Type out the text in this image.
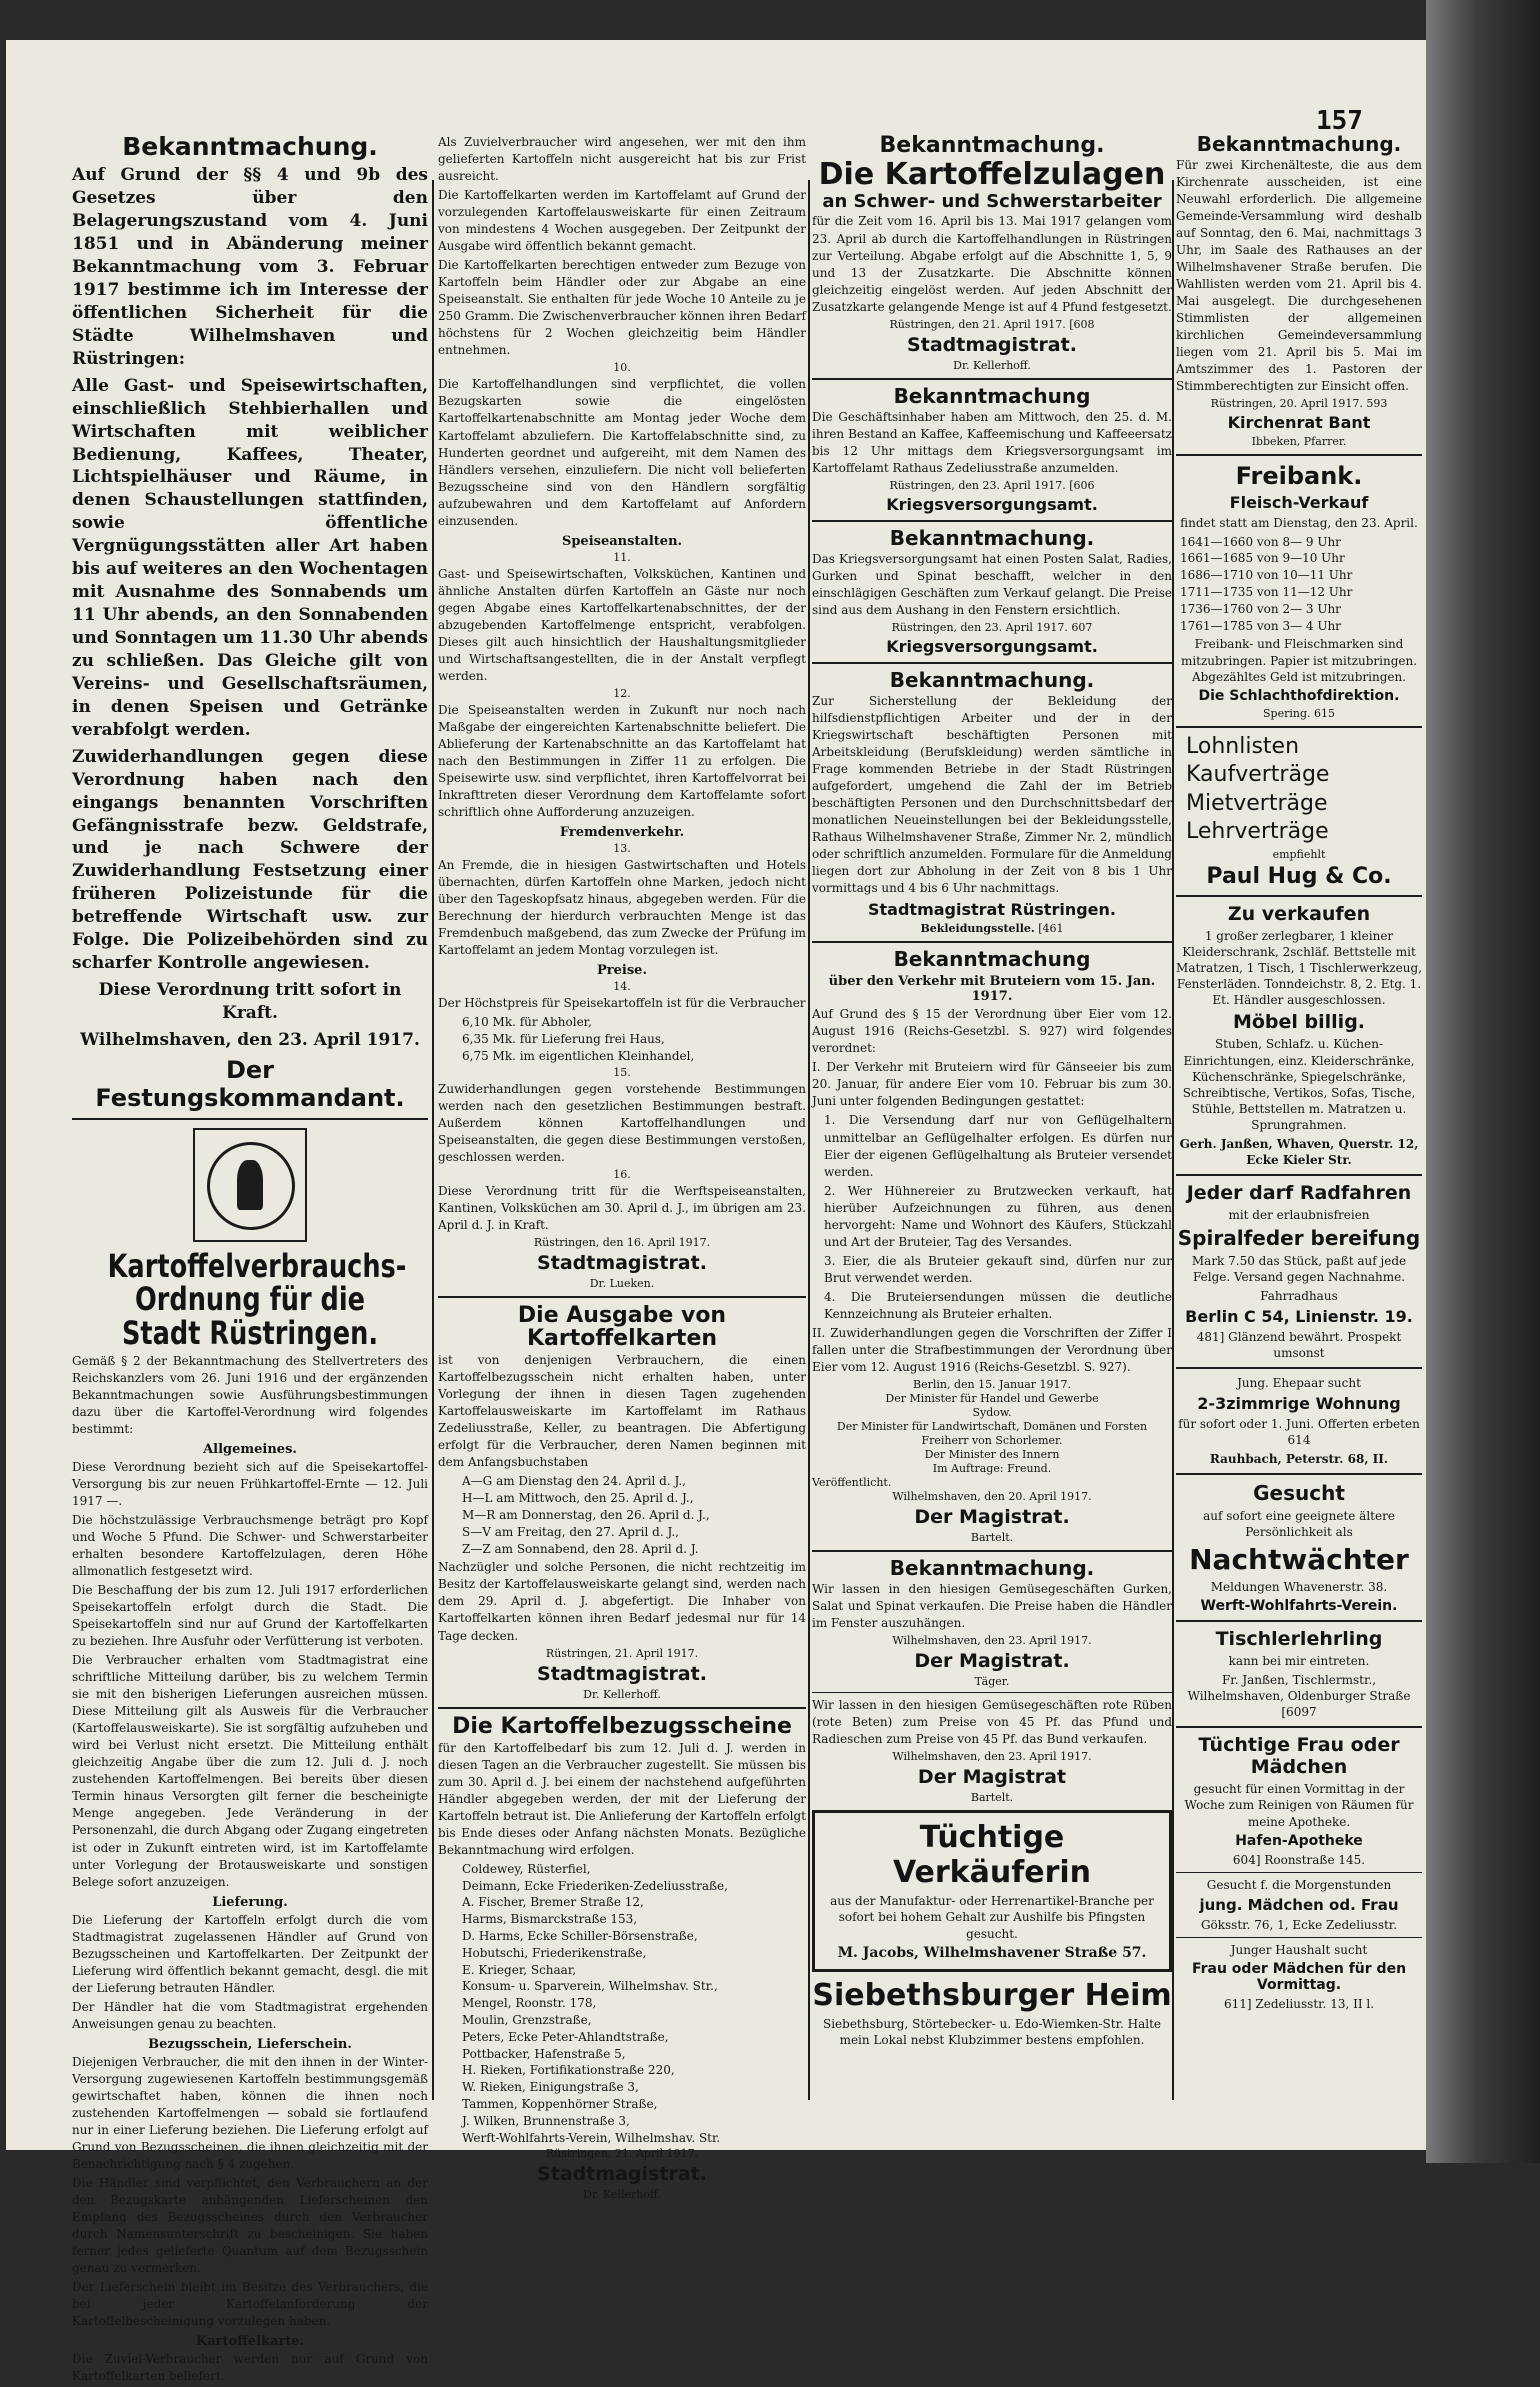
157
Bekanntmachung.

Auf Grund der §§ 4 und 9b des Gesetzes über den Belagerungszustand vom 4. Juni 1851 und in Abänderung meiner Bekanntmachung vom 3. Februar 1917 bestimme ich im Interesse der öffentlichen Sicherheit für die Städte Wilhelmshaven und Rüstringen:

Alle Gast- und Speisewirtschaften, einschließlich Stehbierhallen und Wirtschaften mit weiblicher Bedienung, Kaffees, Theater, Lichtspielhäuser und Räume, in denen Schaustellungen stattfinden, sowie öffentliche Vergnügungsstätten aller Art haben bis auf weiteres an den Wochentagen mit Ausnahme des Sonnabends um 11 Uhr abends, an den Sonnabenden und Sonntagen um 11.30 Uhr abends zu schließen. Das Gleiche gilt von Vereins- und Gesellschaftsräumen, in denen Speisen und Getränke verabfolgt werden.

Zuwiderhandlungen gegen diese Verordnung haben nach den eingangs benannten Vorschriften Gefängnisstrafe bezw. Geldstrafe, und je nach Schwere der Zuwiderhandlung Festsetzung einer früheren Polizeistunde für die betreffende Wirtschaft usw. zur Folge. Die Polizeibehörden sind zu scharfer Kontrolle angewiesen.

Diese Verordnung tritt sofort in Kraft.

Wilhelmshaven, den 23. April 1917.

Der Festungskommandant.
Kartoffelverbrauchs-Ordnung für die Stadt Rüstringen.

Gemäß § 2 der Bekanntmachung des Stellvertreters des Reichskanzlers vom 26. Juni 1916 und der ergänzenden Bekanntmachungen sowie Ausführungsbestimmungen dazu über die Kartoffel-Verordnung wird folgendes bestimmt:

Allgemeines.

Diese Verordnung bezieht sich auf die Speisekartoffel-Versorgung bis zur neuen Frühkartoffel-Ernte — 12. Juli 1917 —.

Die höchstzulässige Verbrauchsmenge beträgt pro Kopf und Woche 5 Pfund. Die Schwer- und Schwerstarbeiter erhalten besondere Kartoffelzulagen, deren Höhe allmonatlich festgesetzt wird.

Die Beschaffung der bis zum 12. Juli 1917 erforderlichen Speisekartoffeln erfolgt durch die Stadt. Die Speisekartoffeln sind nur auf Grund der Kartoffelkarten zu beziehen. Ihre Ausfuhr oder Verfütterung ist verboten.

Die Verbraucher erhalten vom Stadtmagistrat eine schriftliche Mitteilung darüber, bis zu welchem Termin sie mit den bisherigen Lieferungen ausreichen müssen. Diese Mitteilung gilt als Ausweis für die Verbraucher (Kartoffelausweiskarte). Sie ist sorgfältig aufzuheben und wird bei Verlust nicht ersetzt. Die Mitteilung enthält gleichzeitig Angabe über die zum 12. Juli d. J. noch zustehenden Kartoffelmengen. Bei bereits über diesen Termin hinaus Versorgten gilt ferner die bescheinigte Menge angegeben. Jede Veränderung in der Personenzahl, die durch Abgang oder Zugang eingetreten ist oder in Zukunft eintreten wird, ist im Kartoffelamte unter Vorlegung der Brotausweiskarte und sonstigen Belege sofort anzuzeigen.

Lieferung.

Die Lieferung der Kartoffeln erfolgt durch die vom Stadtmagistrat zugelassenen Händler auf Grund von Bezugsscheinen und Kartoffelkarten. Der Zeitpunkt der Lieferung wird öffentlich bekannt gemacht, desgl. die mit der Lieferung betrauten Händler.

Der Händler hat die vom Stadtmagistrat ergehenden Anweisungen genau zu beachten.

Bezugsschein, Lieferschein.

Diejenigen Verbraucher, die mit den ihnen in der Winter-Versorgung zugewiesenen Kartoffeln bestimmungsgemäß gewirtschaftet haben, können die ihnen noch zustehenden Kartoffelmengen — sobald sie fortlaufend nur in einer Lieferung beziehen. Die Lieferung erfolgt auf Grund von Bezugsscheinen, die ihnen gleichzeitig mit der Benachrichtigung nach § 4 zugehen.

Die Händler sind verpflichtet, den Verbrauchern an der den Bezugskarte anhängenden Lieferscheinen den Empfang des Bezugsscheines durch den Verbraucher durch Namensunterschrift zu bescheinigen. Sie haben ferner jedes gelieferte Quantum auf dem Bezugsschein genau zu vermerken.

Der Lieferschein bleibt im Besitze des Verbrauchers, die bei jeder Kartoffelanforderung der Kartoffelbescheinigung vorzulegen haben.

Kartoffelkarte.

Die Zuviel-Verbraucher werden nur auf Grund von Kartoffelkarten beliefert.

Als Zuvielverbraucher wird angesehen, wer mit den ihm gelieferten Kartoffeln nicht ausgereicht hat bis zur Frist ausreicht.

Die Kartoffelkarten werden im Kartoffelamt auf Grund der vorzulegenden Kartoffelausweiskarte für einen Zeitraum von mindestens 4 Wochen ausgegeben. Der Zeitpunkt der Ausgabe wird öffentlich bekannt gemacht.

Die Kartoffelkarten berechtigen entweder zum Bezuge von Kartoffeln beim Händler oder zur Abgabe an eine Speiseanstalt. Sie enthalten für jede Woche 10 Anteile zu je 250 Gramm. Die Zwischenverbraucher können ihren Bedarf höchstens für 2 Wochen gleichzeitig beim Händler entnehmen.

10.

Die Kartoffelhandlungen sind verpflichtet, die vollen Bezugskarten sowie die eingelösten Kartoffelkartenabschnitte am Montag jeder Woche dem Kartoffelamt abzuliefern. Die Kartoffelabschnitte sind, zu Hunderten geordnet und aufgereiht, mit dem Namen des Händlers versehen, einzuliefern. Die nicht voll belieferten Bezugsscheine sind von den Händlern sorgfältig aufzubewahren und dem Kartoffelamt auf Anfordern einzusenden.

Speiseanstalten.
11.

Gast- und Speisewirtschaften, Volksküchen, Kantinen und ähnliche Anstalten dürfen Kartoffeln an Gäste nur noch gegen Abgabe eines Kartoffelkartenabschnittes, der der abzugebenden Kartoffelmenge entspricht, verabfolgen. Dieses gilt auch hinsichtlich der Haushaltungsmitglieder und Wirtschaftsangestellten, die in der Anstalt verpflegt werden.

12.

Die Speiseanstalten werden in Zukunft nur noch nach Maßgabe der eingereichten Kartenabschnitte beliefert. Die Ablieferung der Kartenabschnitte an das Kartoffelamt hat nach den Bestimmungen in Ziffer 11 zu erfolgen. Die Speisewirte usw. sind verpflichtet, ihren Kartoffelvorrat bei Inkrafttreten dieser Verordnung dem Kartoffelamte sofort schriftlich ohne Aufforderung anzuzeigen.

Fremdenverkehr.
13.

An Fremde, die in hiesigen Gastwirtschaften und Hotels übernachten, dürfen Kartoffeln ohne Marken, jedoch nicht über den Tageskopfsatz hinaus, abgegeben werden. Für die Berechnung der hierdurch verbrauchten Menge ist das Fremdenbuch maßgebend, das zum Zwecke der Prüfung im Kartoffelamt an jedem Montag vorzulegen ist.

Preise.
14.

Der Höchstpreis für Speisekartoffeln ist für die Verbraucher

6,10 Mk. für Abholer,
6,35 Mk. für Lieferung frei Haus,
6,75 Mk. im eigentlichen Kleinhandel,
15.

Zuwiderhandlungen gegen vorstehende Bestimmungen werden nach den gesetzlichen Bestimmungen bestraft. Außerdem können Kartoffelhandlungen und Speiseanstalten, die gegen diese Bestimmungen verstoßen, geschlossen werden.

16.

Diese Verordnung tritt für die Werftspeiseanstalten, Kantinen, Volksküchen am 30. April d. J., im übrigen am 23. April d. J. in Kraft.

Rüstringen, den 16. April 1917.
Stadtmagistrat.
Dr. Lueken.
Die Ausgabe von Kartoffelkarten

ist von denjenigen Verbrauchern, die einen Kartoffelbezugsschein nicht erhalten haben, unter Vorlegung der ihnen in diesen Tagen zugehenden Kartoffelausweiskarte im Kartoffelamt im Rathaus Zedeliusstraße, Keller, zu beantragen. Die Abfertigung erfolgt für die Verbraucher, deren Namen beginnen mit dem Anfangsbuchstaben

A—G am Dienstag den 24. April d. J.,
H—L am Mittwoch, den 25. April d. J.,
M—R am Donnerstag, den 26. April d. J.,
S—V am Freitag, den 27. April d. J.,
Z—Z am Sonnabend, den 28. April d. J.

Nachzügler und solche Personen, die nicht rechtzeitig im Besitz der Kartoffelausweiskarte gelangt sind, werden nach dem 29. April d. J. abgefertigt. Die Inhaber von Kartoffelkarten können ihren Bedarf jedesmal nur für 14 Tage decken.

Rüstringen, 21. April 1917.
Stadtmagistrat.
Dr. Kellerhoff.
Die Kartoffelbezugsscheine

für den Kartoffelbedarf bis zum 12. Juli d. J. werden in diesen Tagen an die Verbraucher zugestellt. Sie müssen bis zum 30. April d. J. bei einem der nachstehend aufgeführten Händler abgegeben werden, der mit der Lieferung der Kartoffeln betraut ist. Die Anlieferung der Kartoffeln erfolgt bis Ende dieses oder Anfang nächsten Monats. Bezügliche Bekanntmachung wird erfolgen.

Coldewey, Rüsterfiel,
Deimann, Ecke Friederiken-Zedeliusstraße,
A. Fischer, Bremer Straße 12,
Harms, Bismarckstraße 153,
D. Harms, Ecke Schiller-Börsenstraße,
Hobutschi, Friederikenstraße,
E. Krieger, Schaar,
Konsum- u. Sparverein, Wilhelmshav. Str.,
Mengel, Roonstr. 178,
Moulin, Grenzstraße,
Peters, Ecke Peter-Ahlandtstraße,
Pottbacker, Hafenstraße 5,
H. Rieken, Fortifikationstraße 220,
W. Rieken, Einigungstraße 3,
Tammen, Koppenhörner Straße,
J. Wilken, Brunnenstraße 3,
Werft-Wohlfahrts-Verein, Wilhelmshav. Str.
Rüstringen, 21. April 1917.
Stadtmagistrat.
Dr. Kellerhoff.
Bekanntmachung.
Die Kartoffelzulagen
an Schwer- und Schwerstarbeiter

für die Zeit vom 16. April bis 13. Mai 1917 gelangen vom 23. April ab durch die Kartoffelhandlungen in Rüstringen zur Verteilung. Abgabe erfolgt auf die Abschnitte 1, 5, 9 und 13 der Zusatzkarte. Die Abschnitte können gleichzeitig eingelöst werden. Auf jeden Abschnitt der Zusatzkarte gelangende Menge ist auf 4 Pfund festgesetzt.

Rüstringen, den 21. April 1917. [608
Stadtmagistrat.
Dr. Kellerhoff.
Bekanntmachung

Die Geschäftsinhaber haben am Mittwoch, den 25. d. M. ihren Bestand an Kaffee, Kaffeemischung und Kaffeeersatz bis 12 Uhr mittags dem Kriegsversorgungsamt im Kartoffelamt Rathaus Zedeliusstraße anzumelden.

Rüstringen, den 23. April 1917. [606
Kriegsversorgungsamt.
Bekanntmachung.

Das Kriegsversorgungsamt hat einen Posten Salat, Radies, Gurken und Spinat beschafft, welcher in den einschlägigen Geschäften zum Verkauf gelangt. Die Preise sind aus dem Aushang in den Fenstern ersichtlich.

Rüstringen, den 23. April 1917. 607
Kriegsversorgungsamt.
Bekanntmachung.

Zur Sicherstellung der Bekleidung der hilfsdienstpflichtigen Arbeiter und der in der Kriegswirtschaft beschäftigten Personen mit Arbeitskleidung (Berufskleidung) werden sämtliche in Frage kommenden Betriebe in der Stadt Rüstringen aufgefordert, umgehend die Zahl der im Betrieb beschäftigten Personen und den Durchschnittsbedarf der monatlichen Neueinstellungen bei der Bekleidungsstelle, Rathaus Wilhelmshavener Straße, Zimmer Nr. 2, mündlich oder schriftlich anzumelden. Formulare für die Anmeldung liegen dort zur Abholung in der Zeit von 8 bis 1 Uhr vormittags und 4 bis 6 Uhr nachmittags.

Stadtmagistrat Rüstringen.
Bekleidungsstelle. [461
Bekanntmachung
über den Verkehr mit Bruteiern vom 15. Jan. 1917.

Auf Grund des § 15 der Verordnung über Eier vom 12. August 1916 (Reichs-Gesetzbl. S. 927) wird folgendes verordnet:

I. Der Verkehr mit Bruteiern wird für Gänseeier bis zum 20. Januar, für andere Eier vom 10. Februar bis zum 30. Juni unter folgenden Bedingungen gestattet:

1. Die Versendung darf nur von Geflügelhaltern unmittelbar an Geflügelhalter erfolgen. Es dürfen nur Eier der eigenen Geflügelhaltung als Bruteier versendet werden.

2. Wer Hühnereier zu Brutzwecken verkauft, hat hierüber Aufzeichnungen zu führen, aus denen hervorgeht: Name und Wohnort des Käufers, Stückzahl und Art der Bruteier, Tag des Versandes.

3. Eier, die als Bruteier gekauft sind, dürfen nur zur Brut verwendet werden.

4. Die Bruteiersendungen müssen die deutliche Kennzeichnung als Bruteier erhalten.

II. Zuwiderhandlungen gegen die Vorschriften der Ziffer I fallen unter die Strafbestimmungen der Verordnung über Eier vom 12. August 1916 (Reichs-Gesetzbl. S. 927).

Berlin, den 15. Januar 1917.
Der Minister für Handel und Gewerbe
Sydow.
Der Minister für Landwirtschaft, Domänen und Forsten
Freiherr von Schorlemer.
Der Minister des Innern
Im Auftrage: Freund.
Veröffentlicht.
Wilhelmshaven, den 20. April 1917.
Der Magistrat.
Bartelt.
Bekanntmachung.

Wir lassen in den hiesigen Gemüsegeschäften Gurken, Salat und Spinat verkaufen. Die Preise haben die Händler im Fenster auszuhängen.

Wilhelmshaven, den 23. April 1917.
Der Magistrat.
Täger.

Wir lassen in den hiesigen Gemüsegeschäften rote Rüben (rote Beten) zum Preise von 45 Pf. das Pfund und Radieschen zum Preise von 45 Pf. das Bund verkaufen.

Wilhelmshaven, den 23. April 1917.
Der Magistrat
Bartelt.
Tüchtige Verkäuferin
aus der Manufaktur- oder Herrenartikel-Branche per sofort bei hohem Gehalt zur Aushilfe bis Pfingsten gesucht.
M. Jacobs, Wilhelmshavener Straße 57.
Siebethsburger Heim
Siebethsburg, Störtebecker- u. Edo-Wiemken-Str. Halte mein Lokal nebst Klubzimmer bestens empfohlen.
Bekanntmachung.

Für zwei Kirchenälteste, die aus dem Kirchenrate ausscheiden, ist eine Neuwahl erforderlich. Die allgemeine Gemeinde-Versammlung wird deshalb auf Sonntag, den 6. Mai, nachmittags 3 Uhr, im Saale des Rathauses an der Wilhelmshavener Straße berufen. Die Wahllisten werden vom 21. April bis 4. Mai ausgelegt. Die durchgesehenen Stimmlisten der allgemeinen kirchlichen Gemeindeversammlung liegen vom 21. April bis 5. Mai im Amtszimmer des 1. Pastoren der Stimmberechtigten zur Einsicht offen.

Rüstringen, 20. April 1917. 593
Kirchenrat Bant
Ibbeken, Pfarrer.
Freibank.
Fleisch-Verkauf
findet statt am Dienstag, den 23. April.
1641—1660 von 8— 9 Uhr
1661—1685 von 9—10 Uhr
1686—1710 von 10—11 Uhr
1711—1735 von 11—12 Uhr
1736—1760 von 2— 3 Uhr
1761—1785 von 3— 4 Uhr
Freibank- und Fleischmarken sind mitzubringen. Papier ist mitzubringen. Abgezähltes Geld ist mitzubringen.
Die Schlachthofdirektion.
Spering. 615
Lohnlisten
Kaufverträge
Mietverträge
Lehrverträge
empfiehlt
Paul Hug & Co.
Zu verkaufen
1 großer zerlegbarer, 1 kleiner Kleiderschrank, 2schläf. Bettstelle mit Matratzen, 1 Tisch, 1 Tischlerwerkzeug, Fensterläden. Tonndeichstr. 8, 2. Etg. 1. Et. Händler ausgeschlossen.
Möbel billig.
Stuben, Schlafz. u. Küchen-Einrichtungen, einz. Kleiderschränke, Küchenschränke, Spiegelschränke, Schreibtische, Vertikos, Sofas, Tische, Stühle, Bettstellen m. Matratzen u. Sprungrahmen.
Gerh. Janßen, Whaven, Querstr. 12, Ecke Kieler Str.
Jeder darf Radfahren
mit der erlaubnisfreien
Spiralfeder bereifung
Mark 7.50 das Stück, paßt auf jede Felge. Versand gegen Nachnahme.
Fahrradhaus
Berlin C 54, Linienstr. 19.
481] Glänzend bewährt. Prospekt umsonst
Jung. Ehepaar sucht
2-3zimmrige Wohnung
für sofort oder 1. Juni. Offerten erbeten 614
Rauhbach, Peterstr. 68, II.
Gesucht
auf sofort eine geeignete ältere Persönlichkeit als
Nachtwächter
Meldungen Whavenerstr. 38.
Werft-Wohlfahrts-Verein.
Tischlerlehrling
kann bei mir eintreten.
Fr. Janßen, Tischlermstr., Wilhelmshaven, Oldenburger Straße [6097
Tüchtige Frau oder Mädchen
gesucht für einen Vormittag in der Woche zum Reinigen von Räumen für meine Apotheke.
Hafen-Apotheke
604] Roonstraße 145.
Gesucht f. die Morgenstunden
jung. Mädchen od. Frau
Göksstr. 76, 1, Ecke Zedeliusstr.
Junger Haushalt sucht
Frau oder Mädchen für den Vormittag.
611] Zedeliusstr. 13, II l.
